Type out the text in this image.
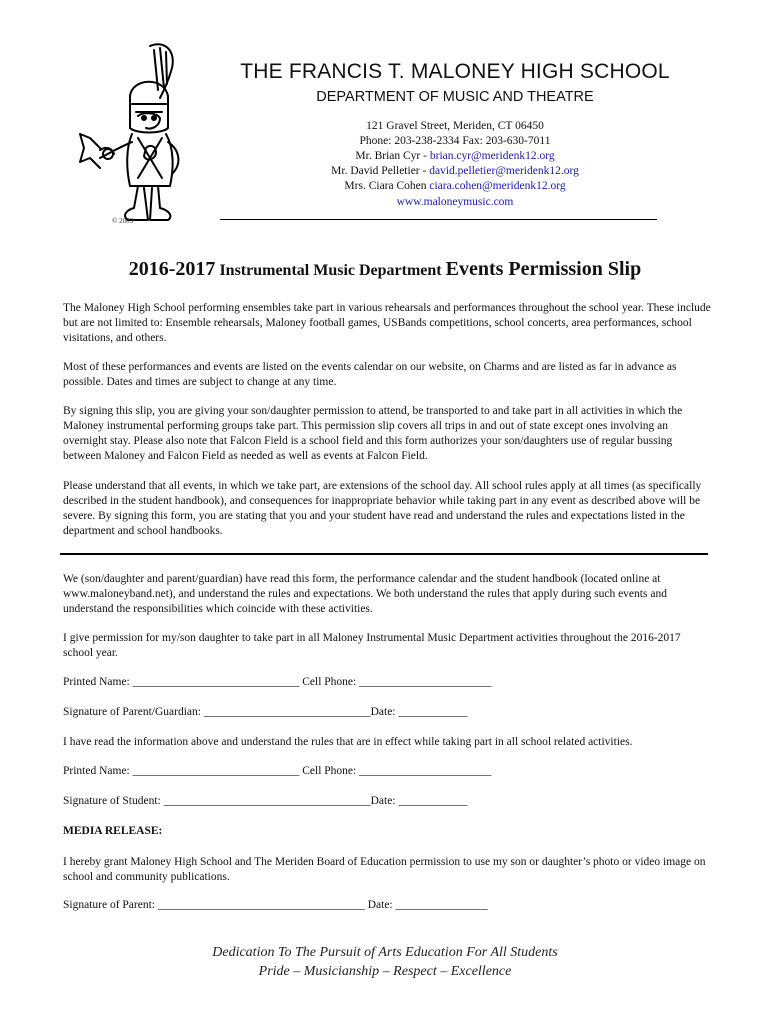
© 2003
THE FRANCIS T. MALONEY HIGH SCHOOL
DEPARTMENT OF MUSIC AND THEATRE
121 Gravel Street, Meriden, CT 06450
Phone: 203-238-2334 Fax: 203-630-7011
Mr. Brian Cyr - brian.cyr@meridenk12.org
Mr. David Pelletier - david.pelletier@meridenk12.org
Mrs. Ciara Cohen ciara.cohen@meridenk12.org
www.maloneymusic.com
2016-2017 Instrumental Music Department Events Permission Slip
The Maloney High School performing ensembles take part in various rehearsals and performances throughout the school year. These include but are not limited to: Ensemble rehearsals, Maloney football games, USBands competitions, school concerts, area performances, school visitations, and others.
Most of these performances and events are listed on the events calendar on our website, on Charms and are listed as far in advance as possible. Dates and times are subject to change at any time.
By signing this slip, you are giving your son/daughter permission to attend, be transported to and take part in all activities in which the Maloney instrumental performing groups take part. This permission slip covers all trips in and out of state except ones involving an overnight stay. Please also note that Falcon Field is a school field and this form authorizes your son/daughters use of regular bussing between Maloney and Falcon Field as needed as well as events at Falcon Field.
Please understand that all events, in which we take part, are extensions of the school day. All school rules apply at all times (as specifically described in the student handbook), and consequences for inappropriate behavior while taking part in any event as described above will be severe. By signing this form, you are stating that you and your student have read and understand the rules and expectations listed in the department and school handbooks.
We (son/daughter and parent/guardian) have read this form, the performance calendar and the student handbook (located online at www.maloneyband.net), and understand the rules and expectations. We both understand the rules that apply during such events and understand the responsibilities which coincide with these activities.
I give permission for my/son daughter to take part in all Maloney Instrumental Music Department activities throughout the 2016-2017 school year.
Printed Name: _____________________________ Cell Phone: _______________________
Signature of Parent/Guardian: _____________________________Date: ____________
I have read the information above and understand the rules that are in effect while taking part in all school related activities.
Printed Name: _____________________________ Cell Phone: _______________________
Signature of Student: ____________________________________Date: ____________
MEDIA RELEASE:
I hereby grant Maloney High School and The Meriden Board of Education permission to use my son or daughter’s photo or video image on school and community publications.
Signature of Parent: ____________________________________ Date: ________________
Dedication To The Pursuit of Arts Education For All Students
Pride – Musicianship – Respect – Excellence
